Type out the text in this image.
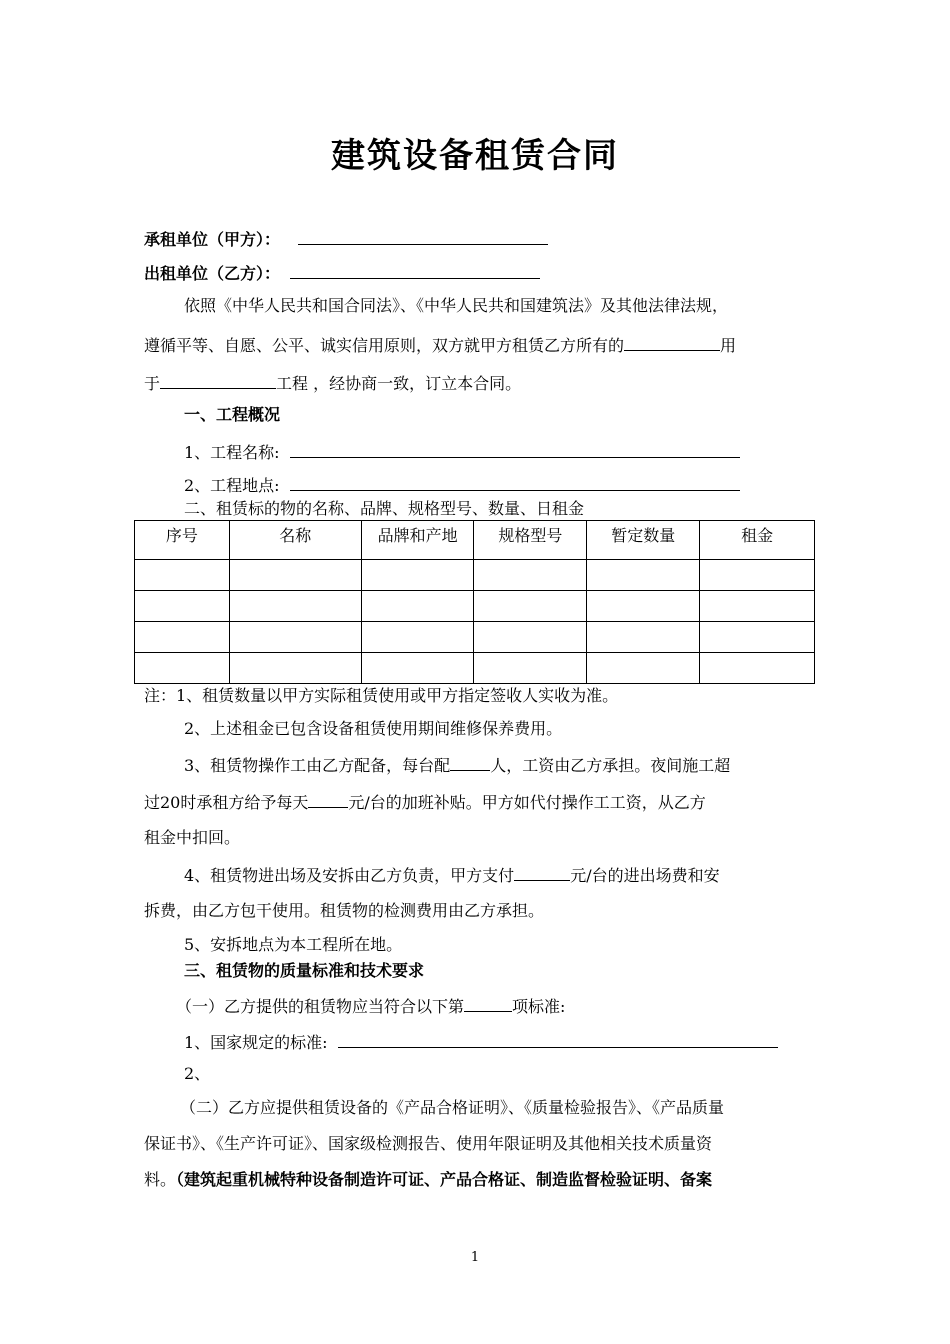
建筑设备租赁合同
承租单位（甲方）：
出租单位（乙方）：
依照《中华人民共和国合同法》、《中华人民共和国建筑法》及其他法律法规，
遵循平等、自愿、公平、诚实信用原则，双方就甲方租赁乙方所有的	用
于	工程 ，经协商一致，订立本合同。
一、工程概况
1、工程名称:
2、工程地点:
二、租赁标的物的名称、品牌、规格型号、数量、日租金
序号	名称	品牌和产地	规格型号	暂定数量	租金

注：1、租赁数量以甲方实际租赁使用或甲方指定签收人实收为准。
2、上述租金已包含设备租赁使用期间维修保养费用。
3、租赁物操作工由乙方配备，每台配	人，工资由乙方承担。夜间施工超
过20时承租方给予每天	元/台的加班补贴。甲方如代付操作工工资，从乙方
租金中扣回。
4、租赁物进出场及安拆由乙方负责，甲方支付	元/台的进出场费和安
拆费，由乙方包干使用。租赁物的检测费用由乙方承担。
5、安拆地点为本工程所在地。
三、租赁物的质量标准和技术要求
（一）乙方提供的租赁物应当符合以下第	项标准:
1、国家规定的标准:
2、
（二）乙方应提供租赁设备的《产品合格证明》、《质量检验报告》、《产品质量
保证书》、《生产许可证》、国家级检测报告、使用年限证明及其他相关技术质量资
料。（建筑起重机械特种设备制造许可证、产品合格证、制造监督检验证明、备案
1
